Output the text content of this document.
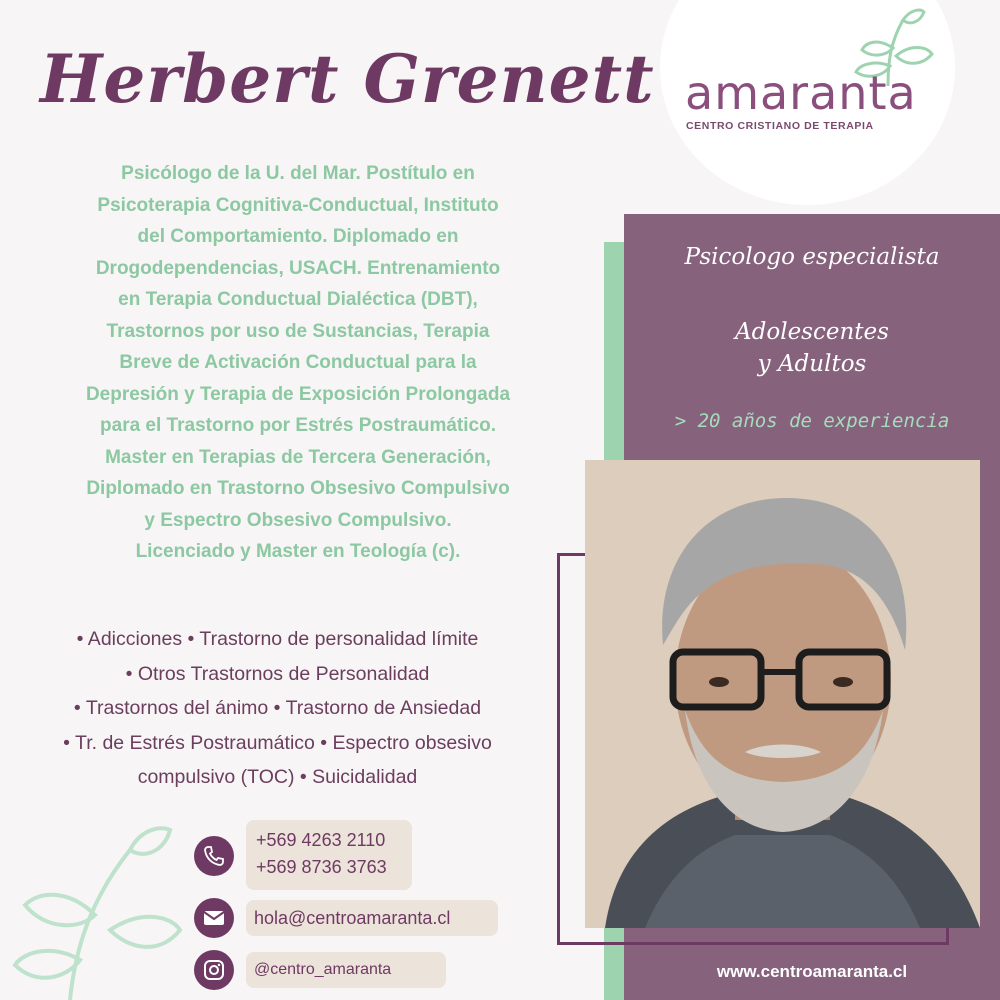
Herbert Grenett amaranta
CENTRO CRISTIANO DE TERAPIA
Psicólogo de la U. del Mar. Postítulo en
Psicoterapia Cognitiva-Conductual, Instituto
del Comportamiento. Diplomado en
Drogodependencias, USACH. Entrenamiento
en Terapia Conductual Dialéctica (DBT),
Trastornos por uso de Sustancias, Terapia
Breve de Activación Conductual para la
Depresión y Terapia de Exposición Prolongada
para el Trastorno por Estrés Postraumático.
Master en Terapias de Tercera Generación,
Diplomado en Trastorno Obsesivo Compulsivo
y Espectro Obsesivo Compulsivo.
Licenciado y Master en Teología (c).
• Adicciones • Trastorno de personalidad límite
• Otros Trastornos de Personalidad
• Trastornos del ánimo • Trastorno de Ansiedad
• Tr. de Estrés Postraumático • Espectro obsesivo
compulsivo (TOC) • Suicidalidad
Psicologo especialista
Adolescentes
y Adultos
> 20 años de experiencia
www.centroamaranta.cl
+569 4263 2110
+569 8736 3763
hola@centroamaranta.cl
@centro_amaranta
